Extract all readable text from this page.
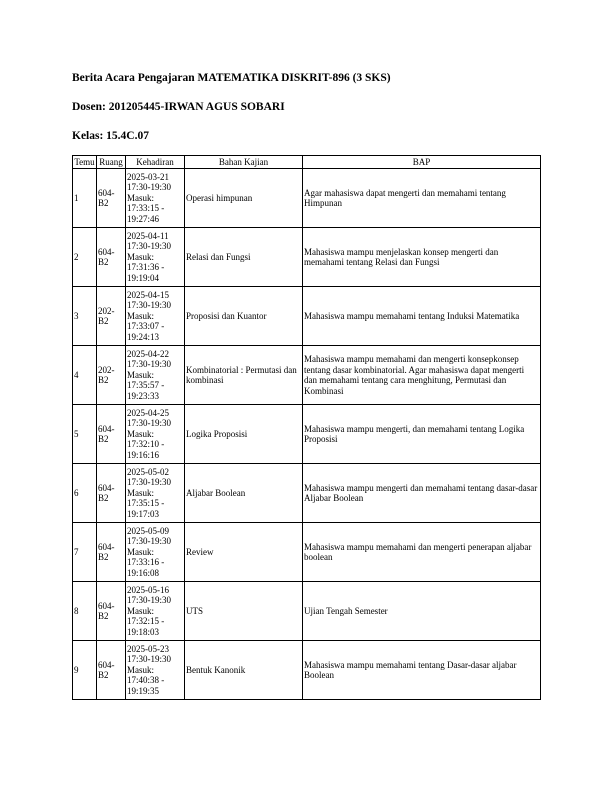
Berita Acara Pengajaran MATEMATIKA DISKRIT-896 (3 SKS)
Dosen: 201205445-IRWAN AGUS SOBARI
Kelas: 15.4C.07
Temu	Ruang	Kehadiran	Bahan Kajian	BAP
1	604-B2	2025-03-21
17:30-19:30
Masuk:
17:33:15 - 19:27:46	Operasi himpunan	Agar mahasiswa dapat mengerti dan memahami tentang Himpunan
2	604-B2	2025-04-11
17:30-19:30
Masuk:
17:31:36 - 19:19:04	Relasi dan Fungsi	Mahasiswa mampu menjelaskan konsep mengerti dan memahami tentang Relasi dan Fungsi
3	202-B2	2025-04-15
17:30-19:30
Masuk:
17:33:07 - 19:24:13	Proposisi dan Kuantor	Mahasiswa mampu memahami tentang Induksi Matematika
4	202-B2	2025-04-22
17:30-19:30
Masuk:
17:35:57 - 19:23:33	Kombinatorial : Permutasi dan kombinasi	Mahasiswa mampu memahami dan mengerti konsepkonsep tentang dasar kombinatorial. Agar mahasiswa dapat mengerti dan memahami tentang cara menghitung, Permutasi dan Kombinasi
5	604-B2	2025-04-25
17:30-19:30
Masuk:
17:32:10 - 19:16:16	Logika Proposisi	Mahasiswa mampu mengerti, dan memahami tentang Logika Proposisi
6	604-B2	2025-05-02
17:30-19:30
Masuk:
17:35:15 - 19:17:03	Aljabar Boolean	Mahasiswa mampu mengerti dan memahami tentang dasar-dasar Aljabar Boolean
7	604-B2	2025-05-09
17:30-19:30
Masuk:
17:33:16 - 19:16:08	Review	Mahasiswa mampu memahami dan mengerti penerapan aljabar boolean
8	604-B2	2025-05-16
17:30-19:30
Masuk:
17:32:15 - 19:18:03	UTS	Ujian Tengah Semester
9	604-B2	2025-05-23
17:30-19:30
Masuk:
17:40:38 - 19:19:35	Bentuk Kanonik	Mahasiswa mampu memahami tentang Dasar-dasar aljabar Boolean
